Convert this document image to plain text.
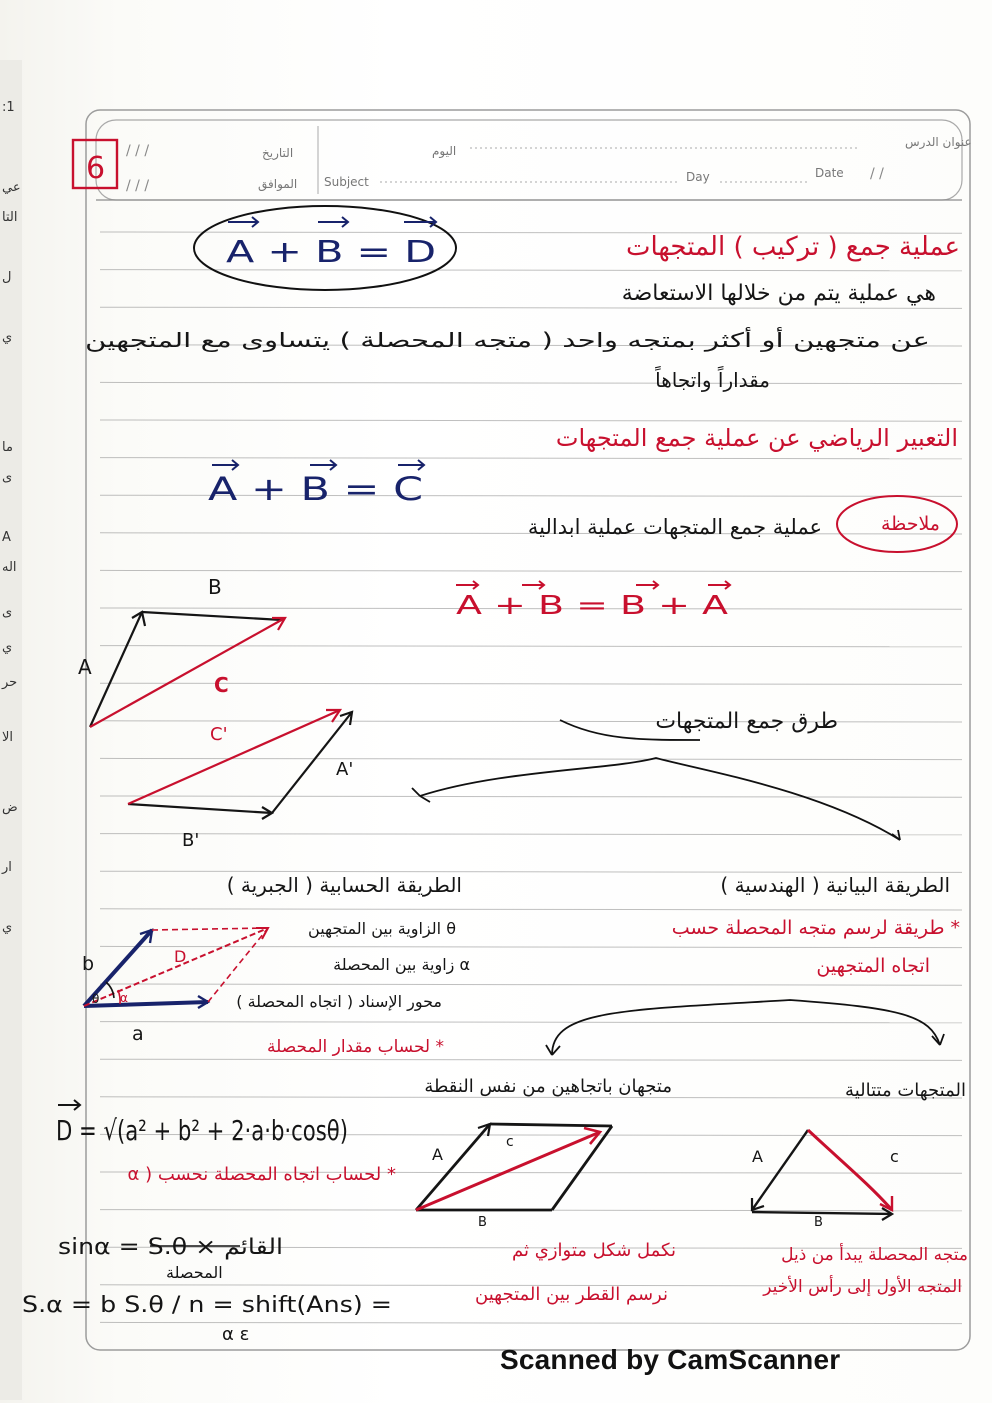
:1
عي
التا
ل
ي
ما
ى
A
اله
ى
ي
حر
الا
ض
ار
ي
عنوان الدرس
اليوم
التاريخ
الموافق Subject	Day	Date
/ / /
/ / /
/ /
6
A + B = D	عملية جمع ( تركيب ) المتجهات
هي عملية يتم من خلالها الاستعاضة
عن متجهين أو أكثر بمتجه واحد ( متجه المحصلة ) يتساوى مع المتجهين
مقداراً واتجاهاً
التعبير الرياضي عن عملية جمع المتجهات
A + B = C
ملاحظة
عملية جمع المتجهات عملية ابدالية
A + B = B + A
B
A
C
C'
A'
B'
طرق جمع المتجهات
الطريقة الحسابية ( الجبرية )	الطريقة البيانية ( الهندسية )
* طريقة لرسم متجه المحصلة حسب
اتجاه المتجهين
b
a
D
θ α
θ الزاوية بين المتجهين
α زاوية بين المحصلة
محور الإسناد ( اتجاه المحصلة )
* لحساب مقدار المحصلة
D = √(a² + b² + 2·a·b·cosθ)
* لحساب اتجاه المحصلة نحسب ( α
sinα = S.θ × القائم
المحصلة
S.α = b S.θ / n = shift(Ans) =
α ε
متجهان باتجاهين من نفس النقطة	المتجهات متتالية
A
c
B
A	c
B
نكمل شكل متوازي ثم
نرسم القطر بين المتجهين
متجه المحصلة يبدأ من ذيل
المتجه الأول إلى رأس الأخير
Scanned by CamScanner
